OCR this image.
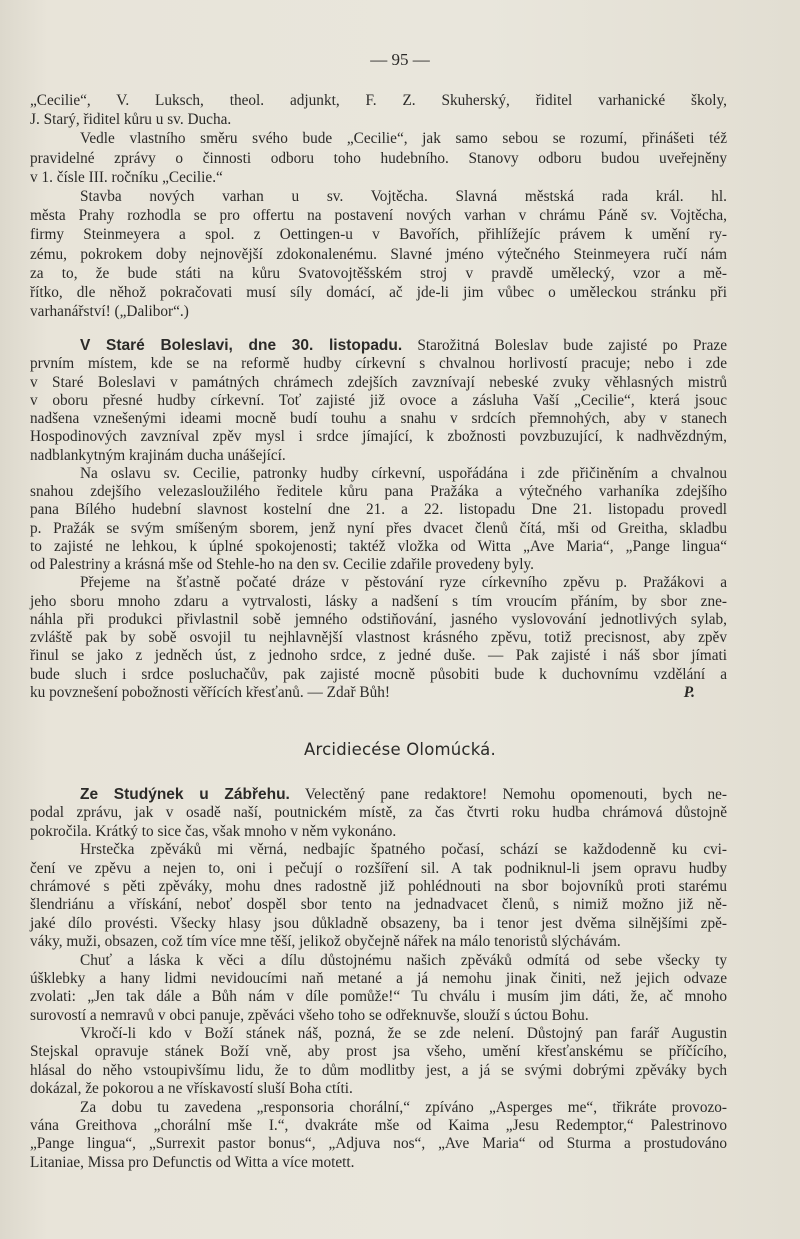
— 95 —
„Cecilie“, V. Luksch, theol. adjunkt, F. Z. Skuherský, řiditel varhanické školy,
J. Starý, řiditel kůru u sv. Ducha.
Vedle vlastního směru svého bude „Cecilie“, jak samo sebou se rozumí, přinášeti též
pravidelné zprávy o činnosti odboru toho hudebního. Stanovy odboru budou uveřejněny
v 1. čísle III. ročníku „Cecilie.“
Stavba nových varhan u sv. Vojtěcha. Slavná městská rada král. hl.
města Prahy rozhodla se pro offertu na postavení nových varhan v chrámu Páně sv. Vojtěcha,
firmy Steinmeyera a spol. z Oettingen-u v Bavořích, přihlížejíc právem k umění ry-
zému, pokrokem doby nejnovější zdokonalenému. Slavné jméno výtečného Steinmeyera ručí nám
za to, že bude státi na kůru Svatovojtěšském stroj v pravdě umělecký, vzor a mě-
řítko, dle něhož pokračovati musí síly domácí, ač jde-li jim vůbec o uměleckou stránku při
varhanářství! („Dalibor“.)
V Staré Boleslavi, dne 30. listopadu. Starožitná Boleslav bude zajisté po Praze
prvním místem, kde se na reformě hudby církevní s chvalnou horlivostí pracuje; nebo i zde
v Staré Boleslavi v památných chrámech zdejších zavznívají nebeské zvuky věhlasných mistrů
v oboru přesné hudby církevní. Toť zajisté již ovoce a zásluha Vaší „Cecilie“, která jsouc
nadšena vznešenými ideami mocně budí touhu a snahu v srdcích přemnohých, aby v stanech
Hospodinových zavzníval zpěv mysl i srdce jímající, k zbožnosti povzbuzující, k nadhvězdným,
nadblankytným krajinám ducha unášející.
Na oslavu sv. Cecilie, patronky hudby církevní, uspořádána i zde přičiněním a chvalnou
snahou zdejšího velezasloužilého ředitele kůru pana Pražáka a výtečného varhaníka zdejšího
pana Bílého hudební slavnost kostelní dne 21. a 22. listopadu Dne 21. listopadu provedl
p. Pražák se svým smíšeným sborem, jenž nyní přes dvacet členů čítá, mši od Greitha, skladbu
to zajisté ne lehkou, k úplné spokojenosti; taktéž vložka od Witta „Ave Maria“, „Pange lingua“
od Palestriny a krásná mše od Stehle-ho na den sv. Cecilie zdařile provedeny byly.
Přejeme na šťastně počaté dráze v pěstování ryze církevního zpěvu p. Pražákovi a
jeho sboru mnoho zdaru a vytrvalosti, lásky a nadšení s tím vroucím přáním, by sbor zne-
náhla při produkci přivlastnil sobě jemného odstiňování, jasného vyslovování jednotlivých sylab,
zvláště pak by sobě osvojil tu nejhlavnější vlastnost krásného zpěvu, totiž precisnost, aby zpěv
řinul se jako z jedněch úst, z jednoho srdce, z jedné duše. — Pak zajisté i náš sbor jímati
bude sluch i srdce posluchačův, pak zajisté mocně působiti bude k duchovnímu vzdělání a
ku povznešení pobožnosti věřících křesťanů. — Zdař Bůh!	P.
Arcidiecése Olomúcká.
Ze Studýnek u Zábřehu. Velectěný pane redaktore! Nemohu opomenouti, bych ne-
podal zprávu, jak v osadě naší, poutnickém místě, za čas čtvrti roku hudba chrámová důstojně
pokročila. Krátký to sice čas, však mnoho v něm vykonáno.
Hrstečka zpěváků mi věrná, nedbajíc špatného počasí, schází se každodenně ku cvi-
čení ve zpěvu a nejen to, oni i pečují o rozšíření sil. A tak podniknul-li jsem opravu hudby
chrámové s pěti zpěváky, mohu dnes radostně již pohlédnouti na sbor bojovníků proti starému
šlendriánu a vřískání, neboť dospěl sbor tento na jednadvacet členů, s nimiž možno již ně-
jaké dílo provésti. Všecky hlasy jsou důkladně obsazeny, ba i tenor jest dvěma silnějšími zpě-
váky, muži, obsazen, což tím více mne těší, jelikož obyčejně nářek na málo tenoristů slýchávám.
Chuť a láska k věci a dílu důstojnému našich zpěváků odmítá od sebe všecky ty
úšklebky a hany lidmi nevidoucími naň metané a já nemohu jinak činiti, než jejich odvaze
zvolati: „Jen tak dále a Bůh nám v díle pomůže!“ Tu chválu i musím jim dáti, že, ač mnoho
surovostí a nemravů v obci panuje, zpěváci všeho toho se odřeknuvše, slouží s úctou Bohu.
Vkročí-li kdo v Boží stánek náš, pozná, že se zde nelení. Důstojný pan farář Augustin
Stejskal opravuje stánek Boží vně, aby prost jsa všeho, umění křesťanskému se příčícího,
hlásal do něho vstoupivšímu lidu, že to dům modlitby jest, a já se svými dobrými zpěváky bych
dokázal, že pokorou a ne vřískavostí sluší Boha ctíti.
Za dobu tu zavedena „responsoria chorální,“ zpíváno „Asperges me“, třikráte provozo-
vána Greithova „chorální mše I.“, dvakráte mše od Kaima „Jesu Redemptor,“ Palestrinovo
„Pange lingua“, „Surrexit pastor bonus“, „Adjuva nos“, „Ave Maria“ od Sturma a prostudováno
Litaniae, Missa pro Defunctis od Witta a více motett.
